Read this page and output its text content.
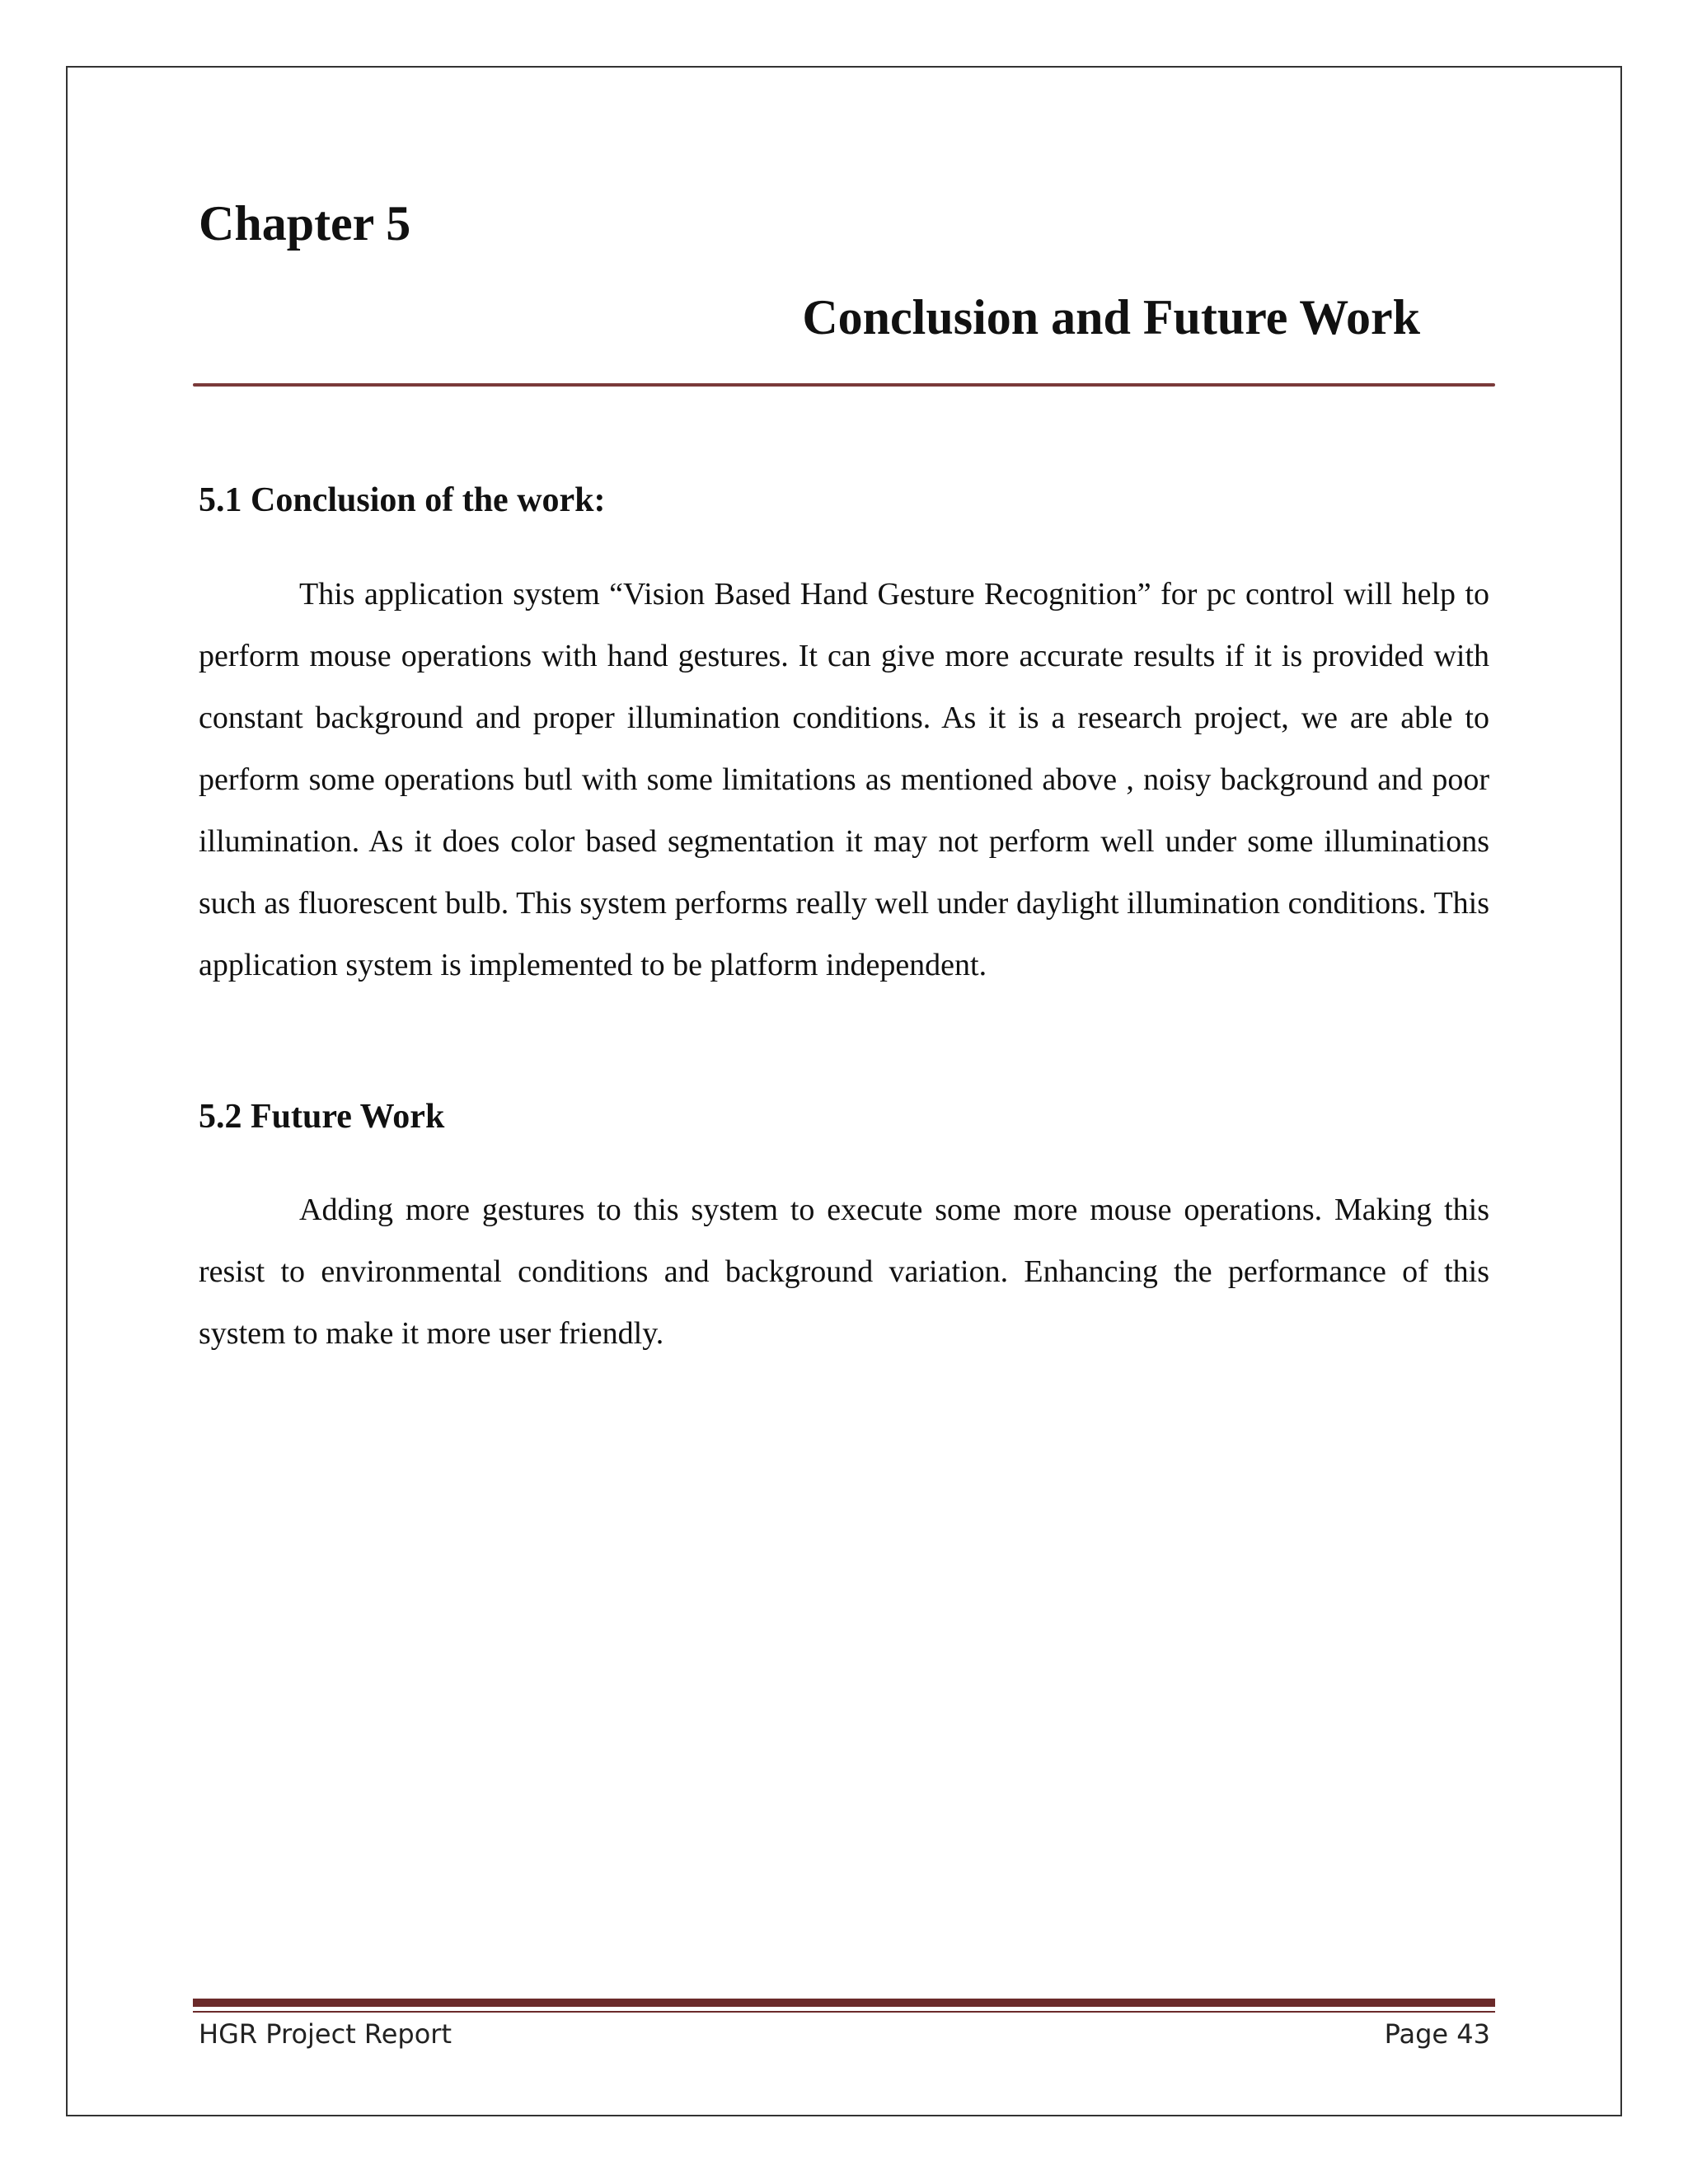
Chapter 5
Conclusion and Future Work
5.1 Conclusion of the work:

This application system “Vision Based Hand Gesture Recognition” for pc control will help to perform mouse operations with hand gestures. It can give more accurate results if it is provided with constant background and proper illumination conditions. As it is a research project, we are able to perform some operations butl with some limitations as mentioned above , noisy background and poor illumination. As it does color based segmentation it may not perform well under some illuminations such as fluorescent bulb. This system performs really well under daylight illumination conditions. This application system is implemented to be platform independent.

5.2 Future Work

Adding more gestures to this system to execute some more mouse operations. Making this resist to environmental conditions and background variation. Enhancing the performance of this system to make it more user friendly.

HGR Project Report	Page 43
